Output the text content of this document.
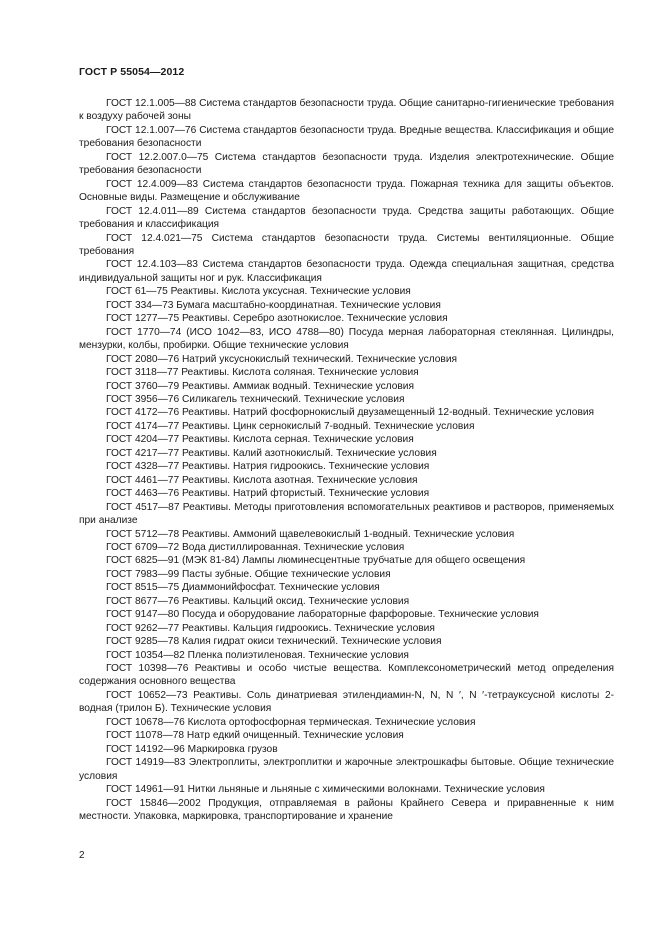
ГОСТ Р 55054—2012

ГОСТ 12.1.005—88 Система стандартов безопасности труда. Общие санитарно-гигиенические требования к воздуху рабочей зоны

ГОСТ 12.1.007—76 Система стандартов безопасности труда. Вредные вещества. Классификация и общие требования безопасности

ГОСТ 12.2.007.0—75 Система стандартов безопасности труда. Изделия электротехнические. Общие требования безопасности

ГОСТ 12.4.009—83 Система стандартов безопасности труда. Пожарная техника для защиты объектов. Основные виды. Размещение и обслуживание

ГОСТ 12.4.011—89 Система стандартов безопасности труда. Средства защиты работающих. Общие требования и классификация

ГОСТ 12.4.021—75 Система стандартов безопасности труда. Системы вентиляционные. Общие требования

ГОСТ 12.4.103—83 Система стандартов безопасности труда. Одежда специальная защитная, средства индивидуальной защиты ног и рук. Классификация

ГОСТ 61—75 Реактивы. Кислота уксусная. Технические условия

ГОСТ 334—73 Бумага масштабно-координатная. Технические условия

ГОСТ 1277—75 Реактивы. Серебро азотнокислое. Технические условия

ГОСТ 1770—74 (ИСО 1042—83, ИСО 4788—80) Посуда мерная лабораторная стеклянная. Цилиндры, мензурки, колбы, пробирки. Общие технические условия

ГОСТ 2080—76 Натрий уксуснокислый технический. Технические условия

ГОСТ 3118—77 Реактивы. Кислота соляная. Технические условия

ГОСТ 3760—79 Реактивы. Аммиак водный. Технические условия

ГОСТ 3956—76 Силикагель технический. Технические условия

ГОСТ 4172—76 Реактивы. Натрий фосфорнокислый двузамещенный 12-водный. Технические условия

ГОСТ 4174—77 Реактивы. Цинк сернокислый 7-водный. Технические условия

ГОСТ 4204—77 Реактивы. Кислота серная. Технические условия

ГОСТ 4217—77 Реактивы. Калий азотнокислый. Технические условия

ГОСТ 4328—77 Реактивы. Натрия гидроокись. Технические условия

ГОСТ 4461—77 Реактивы. Кислота азотная. Технические условия

ГОСТ 4463—76 Реактивы. Натрий фтористый. Технические условия

ГОСТ 4517—87 Реактивы. Методы приготовления вспомогательных реактивов и растворов, применяемых при анализе

ГОСТ 5712—78 Реактивы. Аммоний щавелевокислый 1-водный. Технические условия

ГОСТ 6709—72 Вода дистиллированная. Технические условия

ГОСТ 6825—91 (МЭК 81-84) Лампы люминесцентные трубчатые для общего освещения

ГОСТ 7983—99 Пасты зубные. Общие технические условия

ГОСТ 8515—75 Диаммонийфосфат. Технические условия

ГОСТ 8677—76 Реактивы. Кальций оксид. Технические условия

ГОСТ 9147—80 Посуда и оборудование лабораторные фарфоровые. Технические условия

ГОСТ 9262—77 Реактивы. Кальция гидроокись. Технические условия

ГОСТ 9285—78 Калия гидрат окиси технический. Технические условия

ГОСТ 10354—82 Пленка полиэтиленовая. Технические условия

ГОСТ 10398—76 Реактивы и особо чистые вещества. Комплексонометрический метод определения содержания основного вещества

ГОСТ 10652—73 Реактивы. Соль динатриевая этилендиамин-N, N, N ′, N ′-тетрауксусной кислоты 2-водная (трилон Б). Технические условия

ГОСТ 10678—76 Кислота ортофосфорная термическая. Технические условия

ГОСТ 11078—78 Натр едкий очищенный. Технические условия

ГОСТ 14192—96 Маркировка грузов

ГОСТ 14919—83 Электроплиты, электроплитки и жарочные электрошкафы бытовые. Общие технические условия

ГОСТ 14961—91 Нитки льняные и льняные с химическими волокнами. Технические условия

ГОСТ 15846—2002 Продукция, отправляемая в районы Крайнего Севера и приравненные к ним местности. Упаковка, маркировка, транспортирование и хранение

2
